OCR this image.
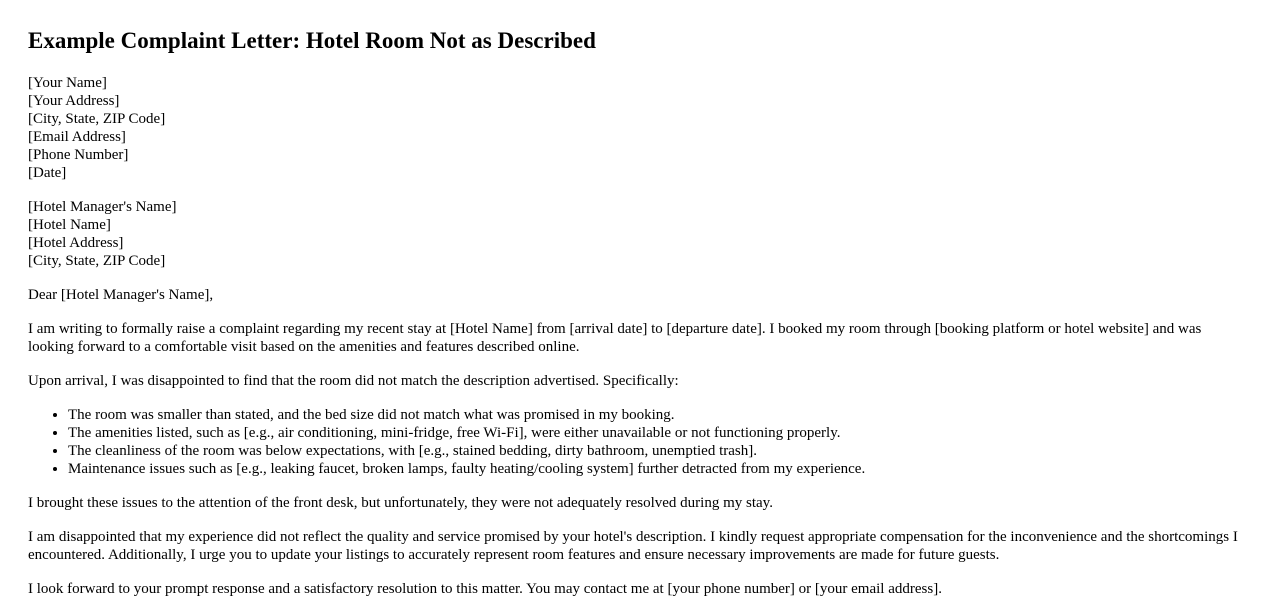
Example Complaint Letter: Hotel Room Not as Described
[Your Name]
[Your Address]
[City, State, ZIP Code]
[Email Address]
[Phone Number]
[Date]
[Hotel Manager's Name]
[Hotel Name]
[Hotel Address]
[City, State, ZIP Code]

Dear [Hotel Manager's Name],

I am writing to formally raise a complaint regarding my recent stay at [Hotel Name] from [arrival date] to [departure date]. I booked my room through [booking platform or hotel website] and was looking forward to a comfortable visit based on the amenities and features described online.

Upon arrival, I was disappointed to find that the room did not match the description advertised. Specifically:

• The room was smaller than stated, and the bed size did not match what was promised in my booking.
• The amenities listed, such as [e.g., air conditioning, mini-fridge, free Wi-Fi], were either unavailable or not functioning properly.
• The cleanliness of the room was below expectations, with [e.g., stained bedding, dirty bathroom, unemptied trash].
• Maintenance issues such as [e.g., leaking faucet, broken lamps, faulty heating/cooling system] further detracted from my experience.

I brought these issues to the attention of the front desk, but unfortunately, they were not adequately resolved during my stay.

I am disappointed that my experience did not reflect the quality and service promised by your hotel's description. I kindly request appropriate compensation for the inconvenience and the shortcomings I encountered. Additionally, I urge you to update your listings to accurately represent room features and ensure necessary improvements are made for future guests.

I look forward to your prompt response and a satisfactory resolution to this matter. You may contact me at [your phone number] or [your email address].
